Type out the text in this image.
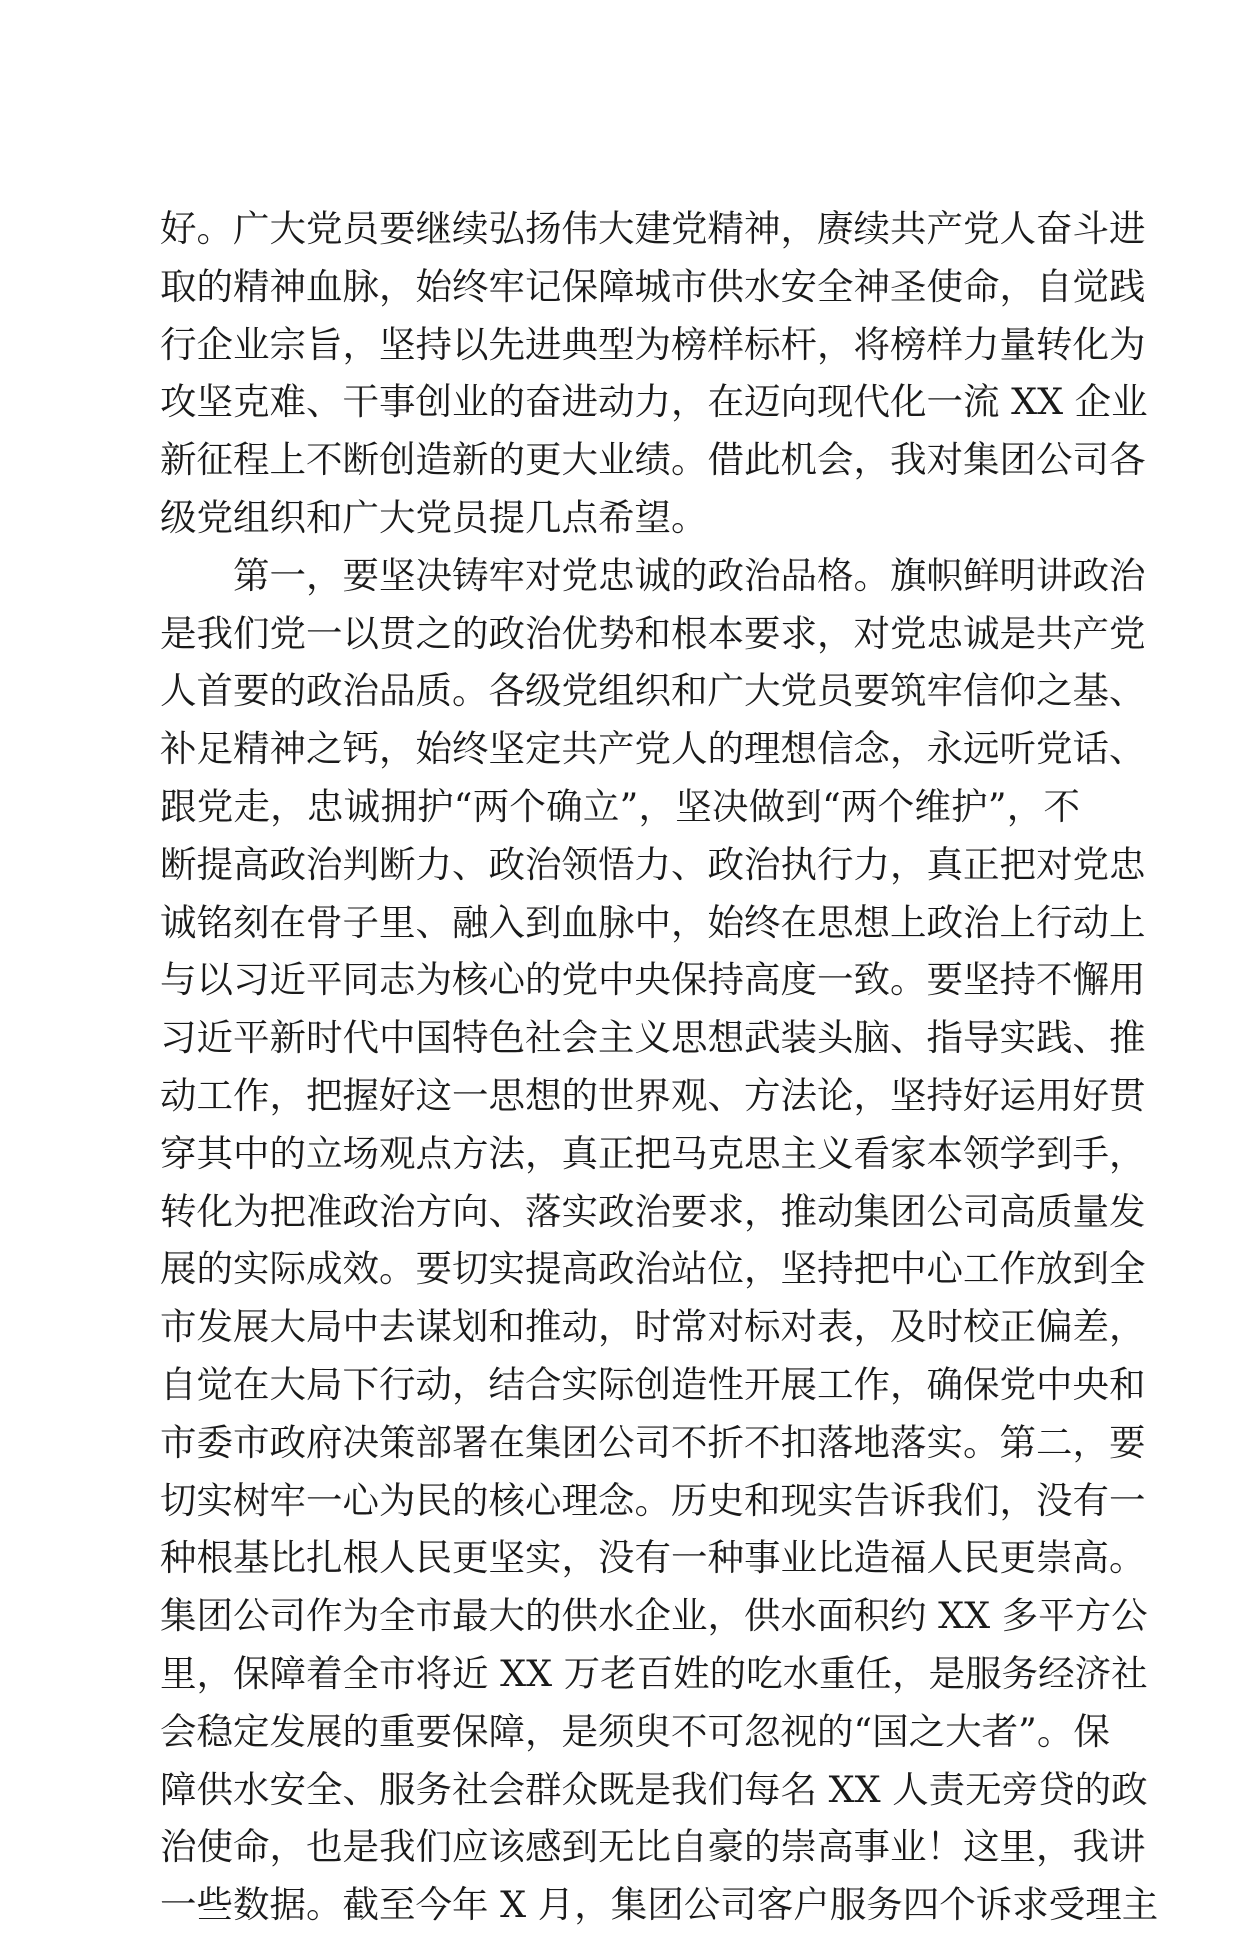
好。广大党员要继续弘扬伟大建党精神，赓续共产党人奋斗进
取的精神血脉，始终牢记保障城市供水安全神圣使命，自觉践
行企业宗旨，坚持以先进典型为榜样标杆，将榜样力量转化为
攻坚克难、干事创业的奋进动力，在迈向现代化一流 XX 企业
新征程上不断创造新的更大业绩。借此机会，我对集团公司各
级党组织和广大党员提几点希望。
第一，要坚决铸牢对党忠诚的政治品格。旗帜鲜明讲政治
是我们党一以贯之的政治优势和根本要求，对党忠诚是共产党
人首要的政治品质。各级党组织和广大党员要筑牢信仰之基、
补足精神之钙，始终坚定共产党人的理想信念，永远听党话、
跟党走，忠诚拥护“两个确立”，坚决做到“两个维护”，不
断提高政治判断力、政治领悟力、政治执行力，真正把对党忠
诚铭刻在骨子里、融入到血脉中，始终在思想上政治上行动上
与以习近平同志为核心的党中央保持高度一致。要坚持不懈用
习近平新时代中国特色社会主义思想武装头脑、指导实践、推
动工作，把握好这一思想的世界观、方法论，坚持好运用好贯
穿其中的立场观点方法，真正把马克思主义看家本领学到手，
转化为把准政治方向、落实政治要求，推动集团公司高质量发
展的实际成效。要切实提高政治站位，坚持把中心工作放到全
市发展大局中去谋划和推动，时常对标对表，及时校正偏差，
自觉在大局下行动，结合实际创造性开展工作，确保党中央和
市委市政府决策部署在集团公司不折不扣落地落实。第二，要
切实树牢一心为民的核心理念。历史和现实告诉我们，没有一
种根基比扎根人民更坚实，没有一种事业比造福人民更崇高。
集团公司作为全市最大的供水企业，供水面积约 XX 多平方公
里，保障着全市将近 XX 万老百姓的吃水重任，是服务经济社
会稳定发展的重要保障，是须臾不可忽视的“国之大者”。保
障供水安全、服务社会群众既是我们每名 XX 人责无旁贷的政
治使命，也是我们应该感到无比自豪的崇高事业！这里，我讲
一些数据。截至今年 X 月，集团公司客户服务四个诉求受理主
